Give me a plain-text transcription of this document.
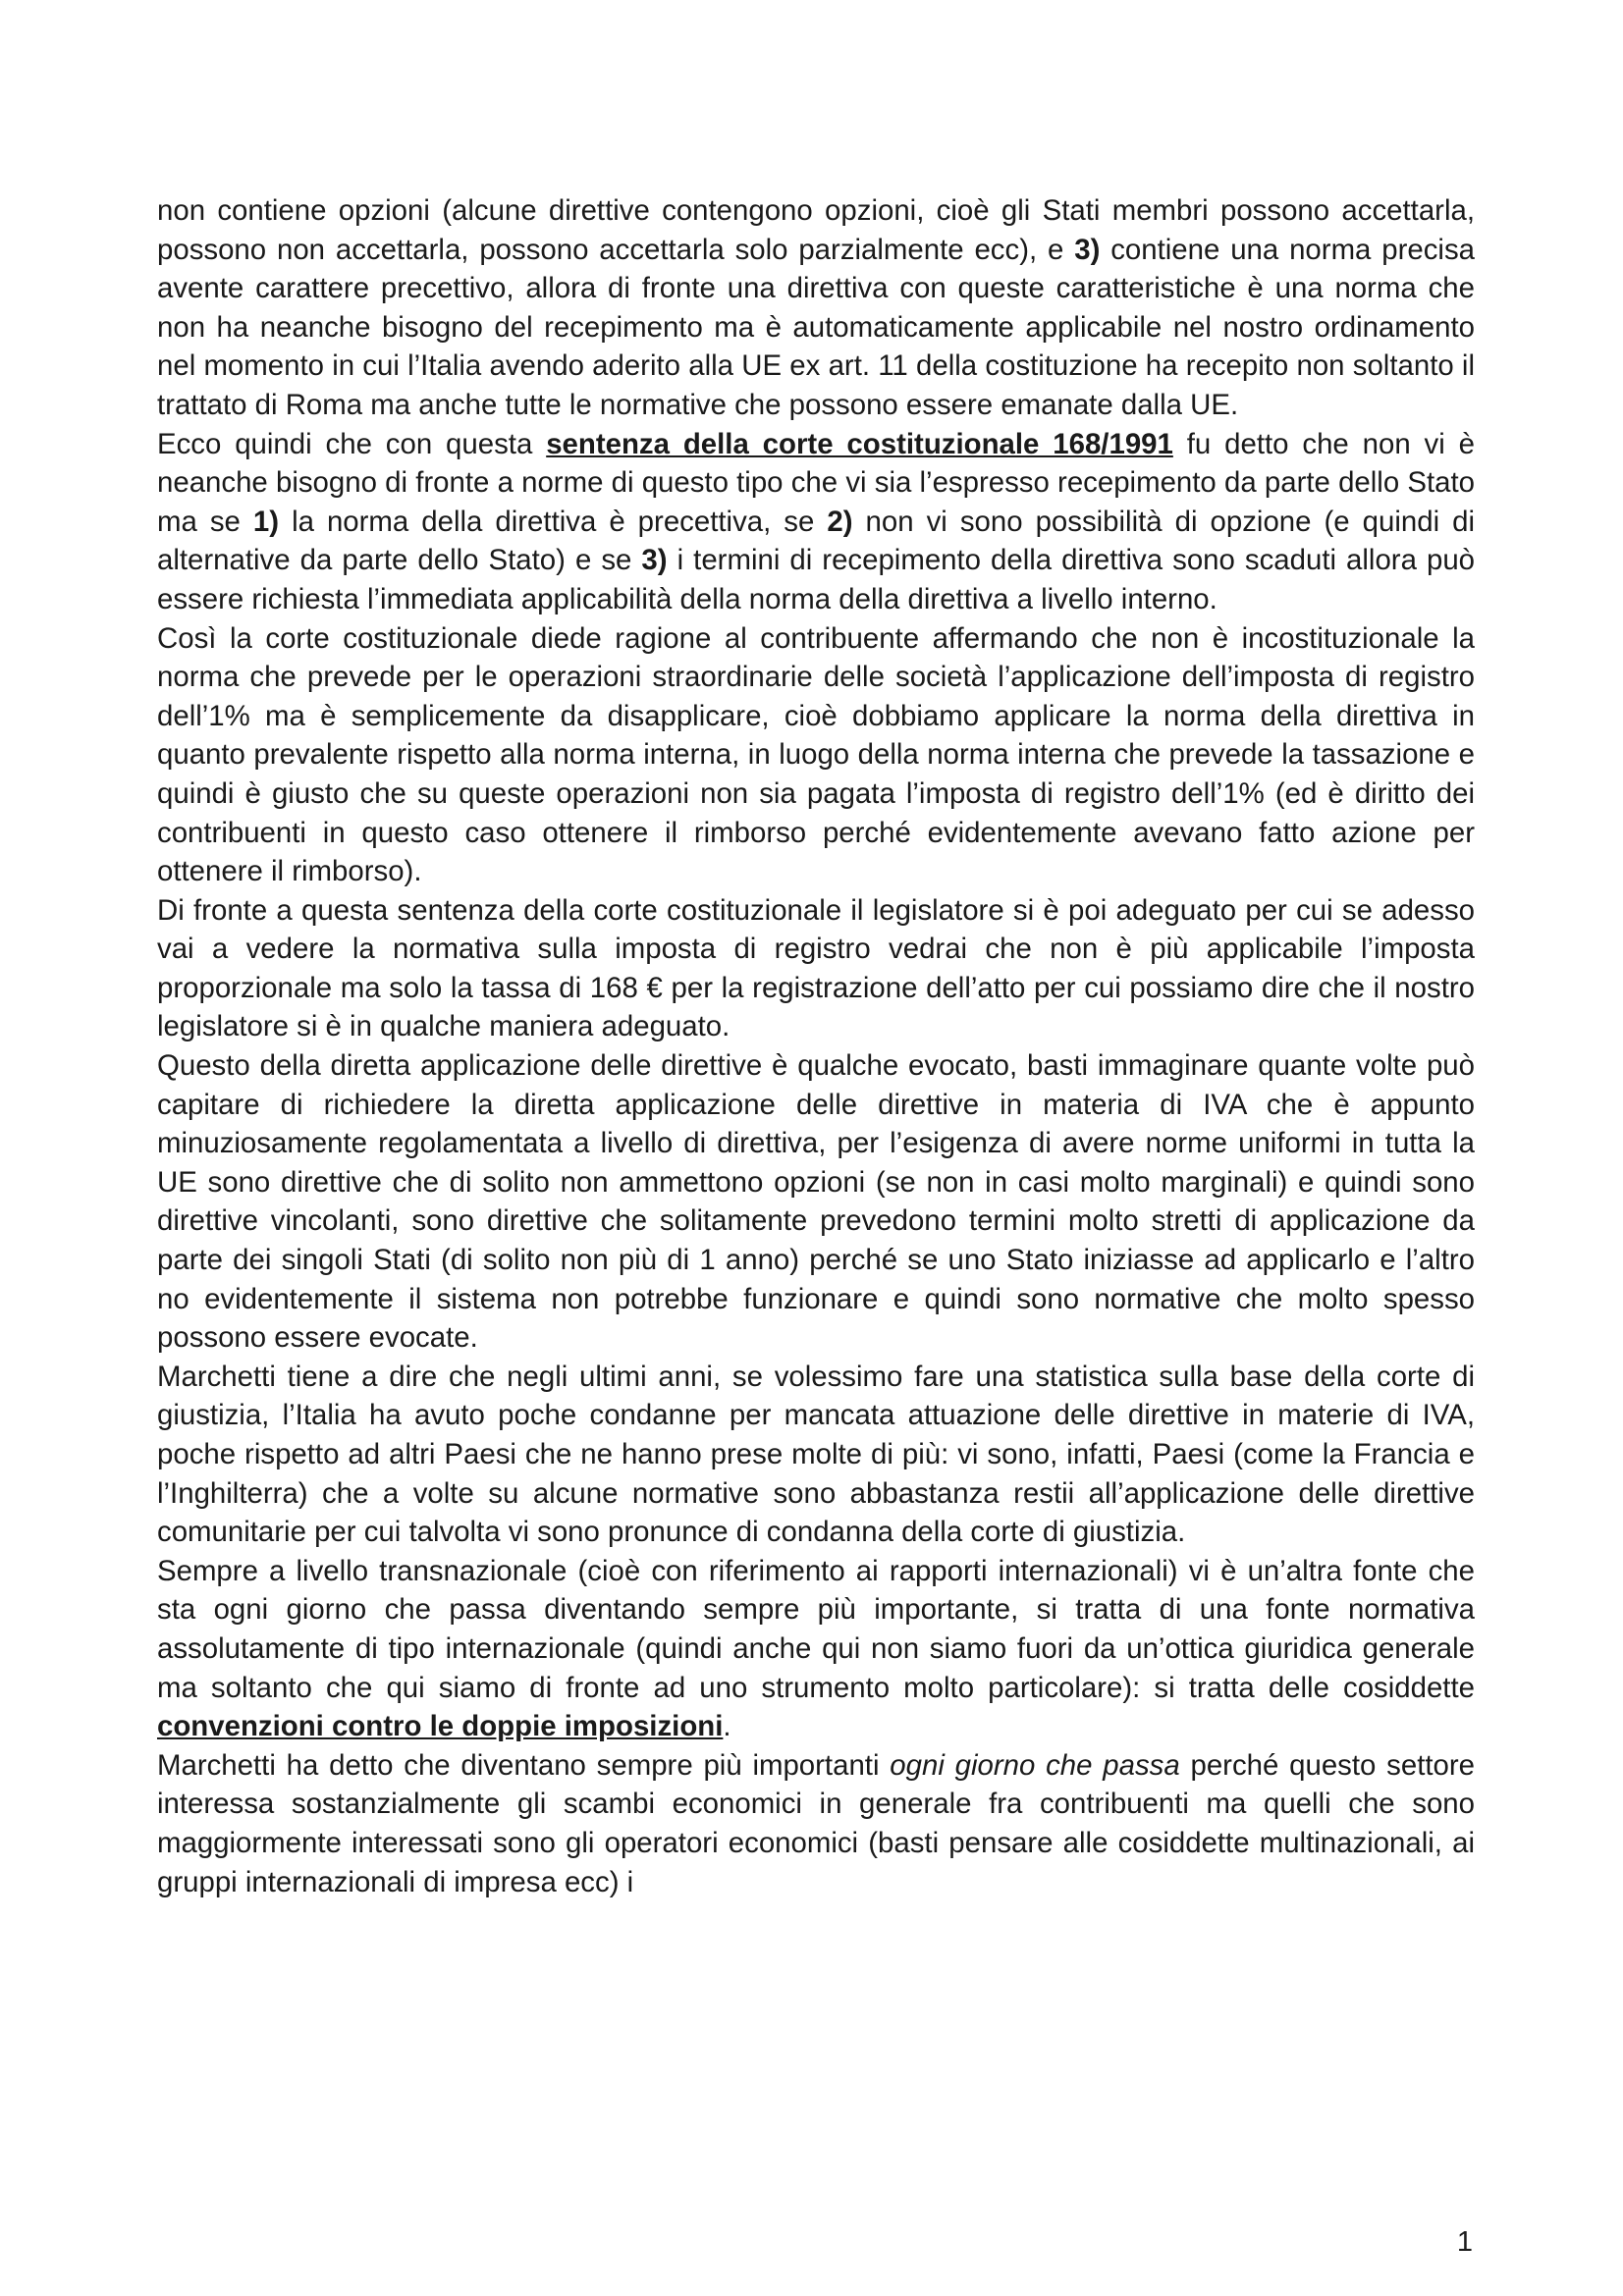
non contiene opzioni (alcune direttive contengono opzioni, cioè gli Stati membri possono accettarla, possono non accettarla, possono accettarla solo parzialmente ecc), e 3) contiene una norma precisa avente carattere precettivo, allora di fronte una direttiva con queste caratteristiche è una norma che non ha neanche bisogno del recepimento ma è automaticamente applicabile nel nostro ordinamento nel momento in cui l’Italia avendo aderito alla UE ex art. 11 della costituzione ha recepito non soltanto il trattato di Roma ma anche tutte le normative che possono essere emanate dalla UE.

Ecco quindi che con questa sentenza della corte costituzionale 168/1991 fu detto che non vi è neanche bisogno di fronte a norme di questo tipo che vi sia l’espresso recepimento da parte dello Stato ma se 1) la norma della direttiva è precettiva, se 2) non vi sono possibilità di opzione (e quindi di alternative da parte dello Stato) e se 3) i termini di recepimento della direttiva sono scaduti allora può essere richiesta l’immediata applicabilità della norma della direttiva a livello interno.

Così la corte costituzionale diede ragione al contribuente affermando che non è incostituzionale la norma che prevede per le operazioni straordinarie delle società l’applicazione dell’imposta di registro dell’1% ma è semplicemente da disapplicare, cioè dobbiamo applicare la norma della direttiva in quanto prevalente rispetto alla norma interna, in luogo della norma interna che prevede la tassazione e quindi è giusto che su queste operazioni non sia pagata l’imposta di registro dell’1% (ed è diritto dei contribuenti in questo caso ottenere il rimborso perché evidentemente avevano fatto azione per ottenere il rimborso).

Di fronte a questa sentenza della corte costituzionale il legislatore si è poi adeguato per cui se adesso vai a vedere la normativa sulla imposta di registro vedrai che non è più applicabile l’imposta proporzionale ma solo la tassa di 168 € per la registrazione dell’atto per cui possiamo dire che il nostro legislatore si è in qualche maniera adeguato.

Questo della diretta applicazione delle direttive è qualche evocato, basti immaginare quante volte può capitare di richiedere la diretta applicazione delle direttive in materia di IVA che è appunto minuziosamente regolamentata a livello di direttiva, per l’esigenza di avere norme uniformi in tutta la UE sono direttive che di solito non ammettono opzioni (se non in casi molto marginali) e quindi sono direttive vincolanti, sono direttive che solitamente prevedono termini molto stretti di applicazione da parte dei singoli Stati (di solito non più di 1 anno) perché se uno Stato iniziasse ad applicarlo e l’altro no evidentemente il sistema non potrebbe funzionare e quindi sono normative che molto spesso possono essere evocate.

Marchetti tiene a dire che negli ultimi anni, se volessimo fare una statistica sulla base della corte di giustizia, l’Italia ha avuto poche condanne per mancata attuazione delle direttive in materie di IVA, poche rispetto ad altri Paesi che ne hanno prese molte di più: vi sono, infatti, Paesi (come la Francia e l’Inghilterra) che a volte su alcune normative sono abbastanza restii all’applicazione delle direttive comunitarie per cui talvolta vi sono pronunce di condanna della corte di giustizia.

Sempre a livello transnazionale (cioè con riferimento ai rapporti internazionali) vi è un’altra fonte che sta ogni giorno che passa diventando sempre più importante, si tratta di una fonte normativa assolutamente di tipo internazionale (quindi anche qui non siamo fuori da un’ottica giuridica generale ma soltanto che qui siamo di fronte ad uno strumento molto particolare): si tratta delle cosiddette convenzioni contro le doppie imposizioni.

Marchetti ha detto che diventano sempre più importanti ogni giorno che passa perché questo settore interessa sostanzialmente gli scambi economici in generale fra contribuenti ma quelli che sono maggiormente interessati sono gli operatori economici (basti pensare alle cosiddette multinazionali, ai gruppi internazionali di impresa ecc) i

1
